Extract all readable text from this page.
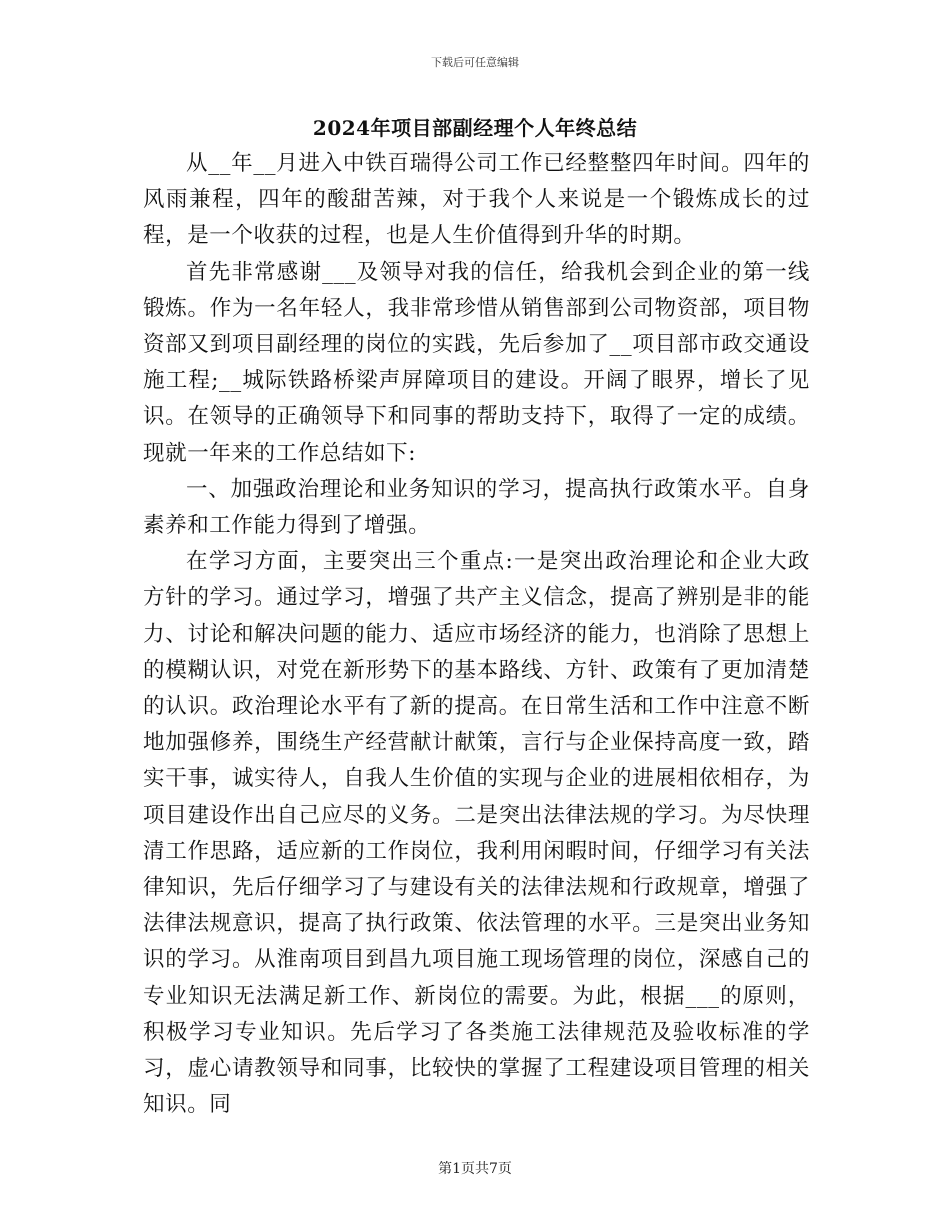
下载后可任意编辑
2024年项目部副经理个人年终总结

从__年__月进入中铁百瑞得公司工作已经整整四年时间。四年的风雨兼程，四年的酸甜苦辣，对于我个人来说是一个锻炼成长的过程，是一个收获的过程，也是人生价值得到升华的时期。

首先非常感谢___及领导对我的信任，给我机会到企业的第一线锻炼。作为一名年轻人，我非常珍惜从销售部到公司物资部，项目物资部又到项目副经理的岗位的实践，先后参加了__项目部市政交通设施工程;__城际铁路桥梁声屏障项目的建设。开阔了眼界，增长了见识。在领导的正确领导下和同事的帮助支持下，取得了一定的成绩。现就一年来的工作总结如下:

一、加强政治理论和业务知识的学习，提高执行政策水平。自身素养和工作能力得到了增强。

在学习方面，主要突出三个重点:一是突出政治理论和企业大政方针的学习。通过学习，增强了共产主义信念，提高了辨别是非的能力、讨论和解决问题的能力、适应市场经济的能力，也消除了思想上的模糊认识，对党在新形势下的基本路线、方针、政策有了更加清楚的认识。政治理论水平有了新的提高。在日常生活和工作中注意不断地加强修养，围绕生产经营献计献策，言行与企业保持高度一致，踏实干事，诚实待人，自我人生价值的实现与企业的进展相依相存，为项目建设作出自己应尽的义务。二是突出法律法规的学习。为尽快理清工作思路，适应新的工作岗位，我利用闲暇时间，仔细学习有关法律知识，先后仔细学习了与建设有关的法律法规和行政规章，增强了法律法规意识，提高了执行政策、依法管理的水平。三是突出业务知识的学习。从淮南项目到昌九项目施工现场管理的岗位，深感自己的专业知识无法满足新工作、新岗位的需要。为此，根据___的原则，积极学习专业知识。先后学习了各类施工法律规范及验收标准的学习，虚心请教领导和同事，比较快的掌握了工程建设项目管理的相关知识。同

第1页共7页
